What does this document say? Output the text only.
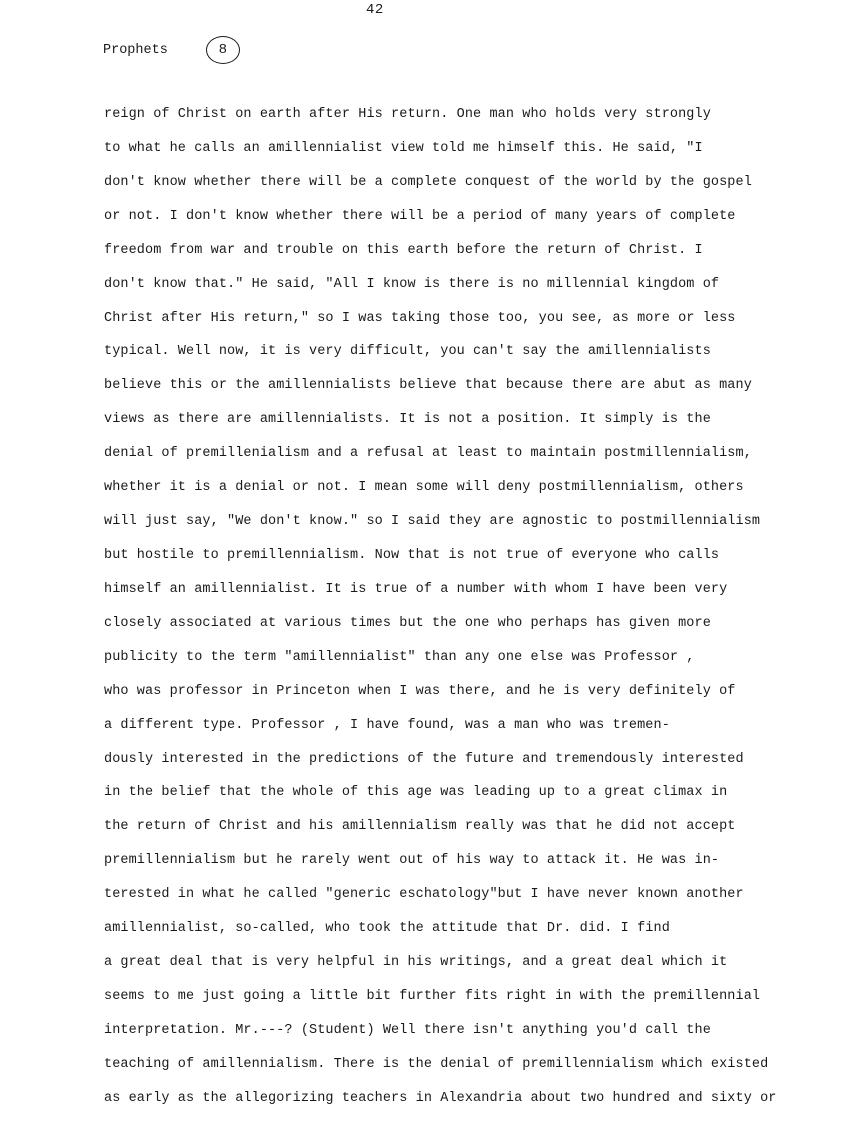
42
Prophets	8
reign of Christ on earth after His return. One man who holds very strongly
to what he calls an amillennialist view told me himself this. He said, "I
don't know whether there will be a complete conquest of the world by the gospel
or not. I don't know whether there will be a period of many years of complete
freedom from war and trouble on this earth before the return of Christ. I
don't know that." He said, "All I know is there is no millennial kingdom of
Christ after His return," so I was taking those too, you see, as more or less
typical. Well now, it is very difficult, you can't say the amillennialists
believe this or the amillennialists believe that because there are abut as many
views as there are amillennialists. It is not a position. It simply is the
denial of premillenialism and a refusal at least to maintain postmillennialism,
whether it is a denial or not. I mean some will deny postmillennialism, others
will just say, "We don't know." so I said they are agnostic to postmillennialism
but hostile to premillennialism. Now that is not true of everyone who calls
himself an amillennialist. It is true of a number with whom I have been very
closely associated at various times but the one who perhaps has given more
publicity to the term "amillennialist" than any one else was Professor ,
who was professor in Princeton when I was there, and he is very definitely of
a different type. Professor , I have found, was a man who was tremen-
dously interested in the predictions of the future and tremendously interested
in the belief that the whole of this age was leading up to a great climax in
the return of Christ and his amillennialism really was that he did not accept
premillennialism but he rarely went out of his way to attack it. He was in-
terested in what he called "generic eschatology"but I have never known another
amillennialist, so-called, who took the attitude that Dr. did. I find
a great deal that is very helpful in his writings, and a great deal which it
seems to me just going a little bit further fits right in with the premillennial
interpretation. Mr.---? (Student) Well there isn't anything you'd call the
teaching of amillennialism. There is the denial of premillennialism which existed
as early as the allegorizing teachers in Alexandria about two hundred and sixty or
